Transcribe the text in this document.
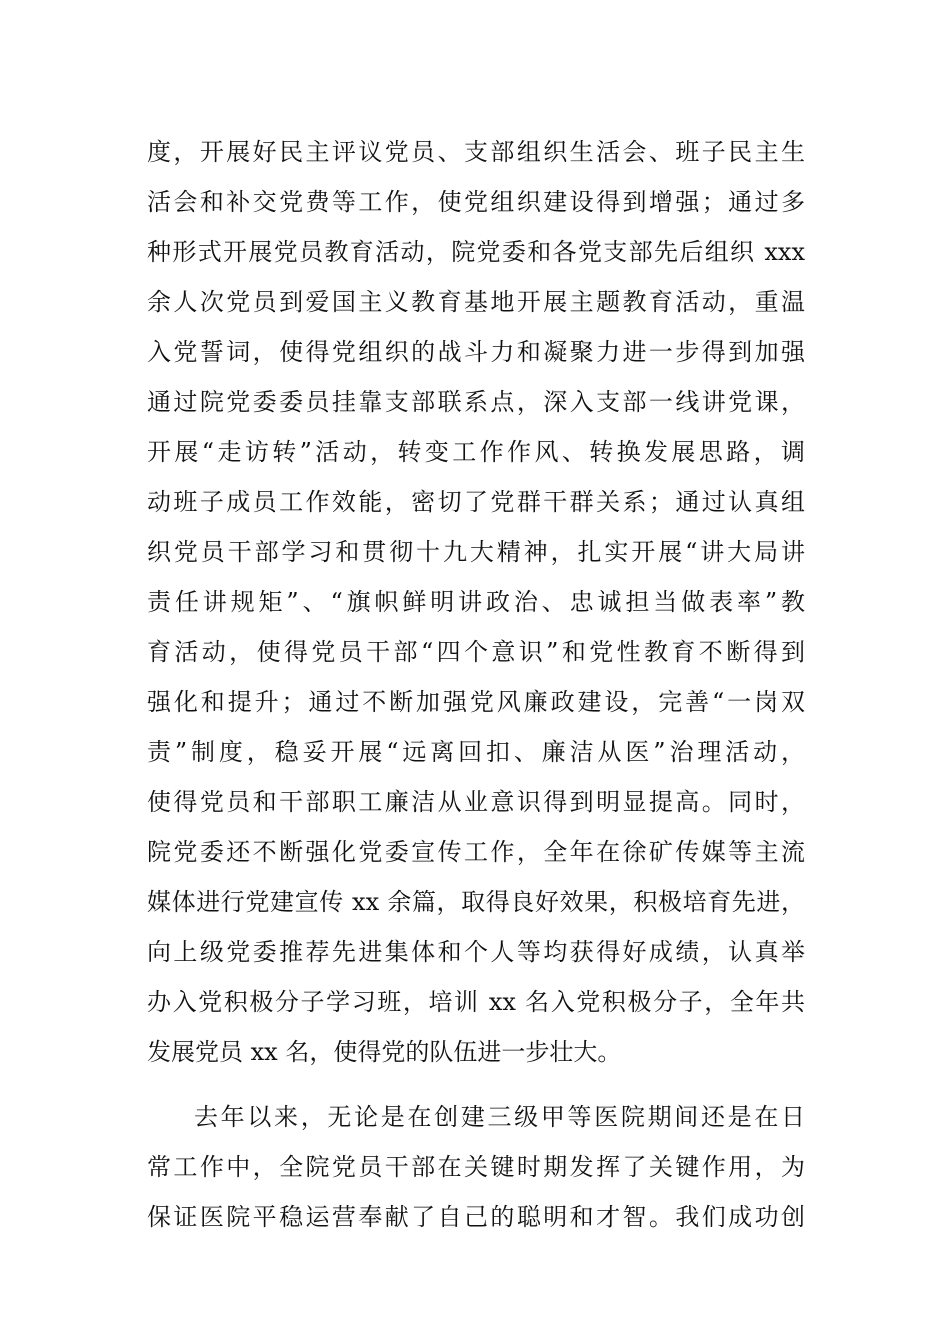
度，开展好民主评议党员、支部组织生活会、班子民主生
活会和补交党费等工作，使党组织建设得到增强；通过多
种形式开展党员教育活动，院党委和各党支部先后组织 xxx
余人次党员到爱国主义教育基地开展主题教育活动，重温
入党誓词，使得党组织的战斗力和凝聚力进一步得到加强
通过院党委委员挂靠支部联系点，深入支部一线讲党课，
开展“走访转”活动，转变工作作风、转换发展思路，调
动班子成员工作效能，密切了党群干群关系；通过认真组
织党员干部学习和贯彻十九大精神，扎实开展“讲大局讲
责任讲规矩”、“旗帜鲜明讲政治、忠诚担当做表率”教
育活动，使得党员干部“四个意识”和党性教育不断得到
强化和提升；通过不断加强党风廉政建设，完善“一岗双
责”制度，稳妥开展“远离回扣、廉洁从医”治理活动，
使得党员和干部职工廉洁从业意识得到明显提高。同时，
院党委还不断强化党委宣传工作，全年在徐矿传媒等主流
媒体进行党建宣传 xx 余篇，取得良好效果，积极培育先进，
向上级党委推荐先进集体和个人等均获得好成绩，认真举
办入党积极分子学习班，培训 xx 名入党积极分子，全年共
发展党员 xx 名，使得党的队伍进一步壮大。
去年以来，无论是在创建三级甲等医院期间还是在日
常工作中，全院党员干部在关键时期发挥了关键作用，为
保证医院平稳运营奉献了自己的聪明和才智。我们成功创
